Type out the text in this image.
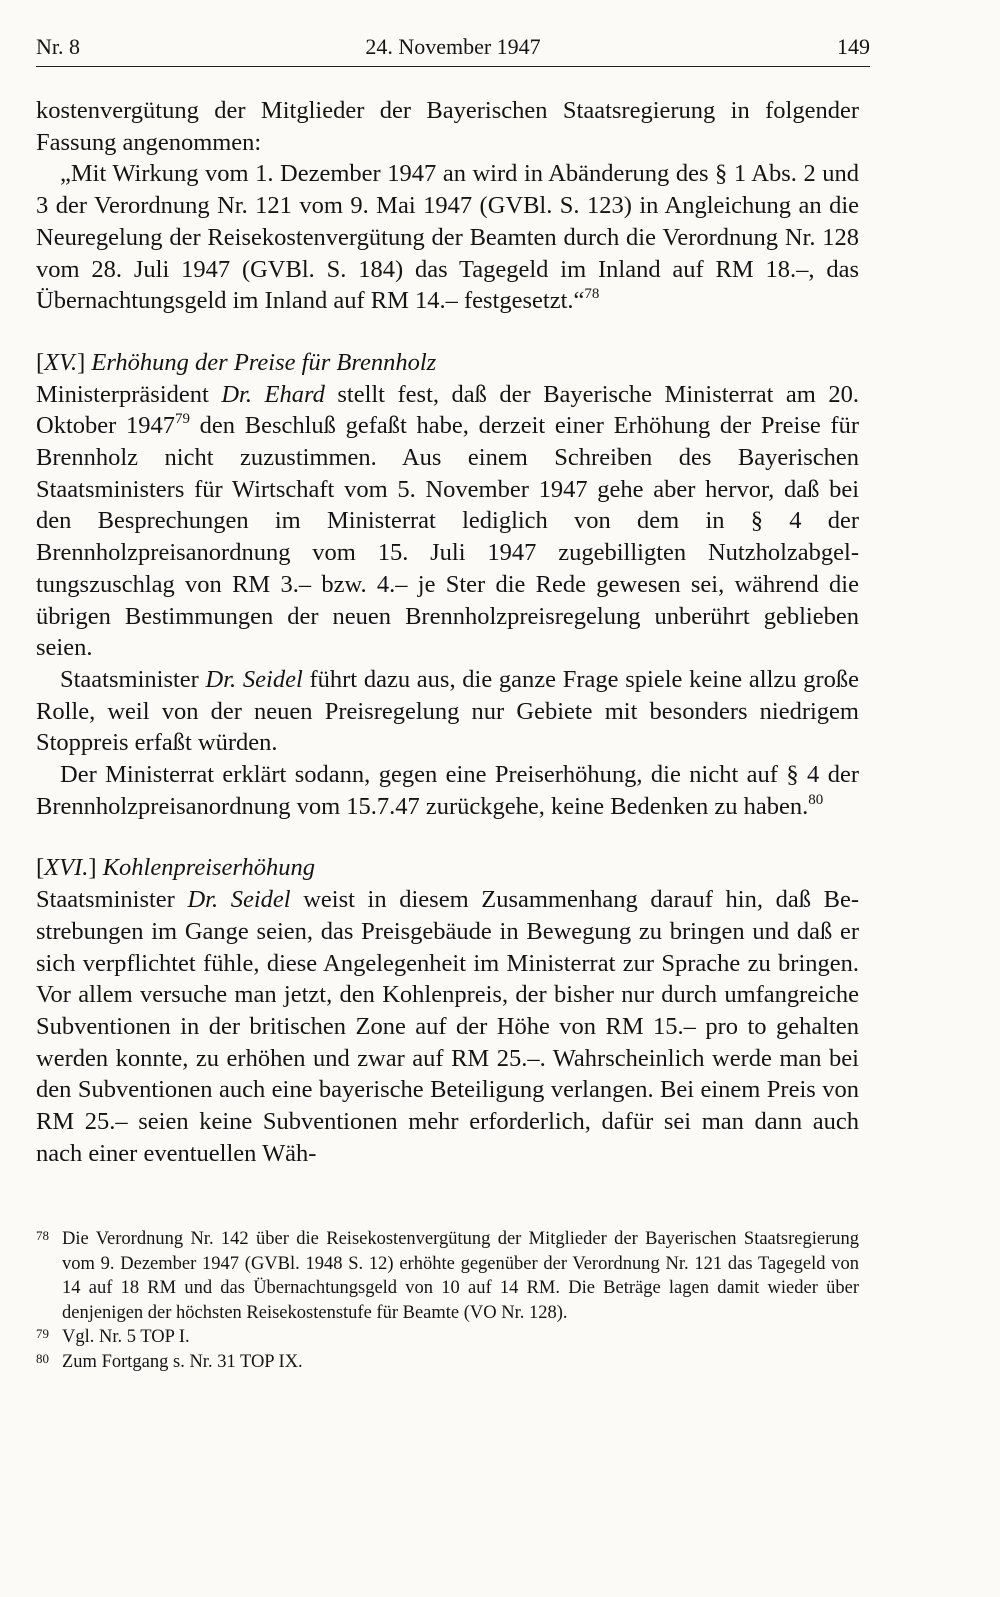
Nr. 8	24. November 1947	149

kostenvergütung der Mitglieder der Bayerischen Staatsregierung in folgender Fassung angenommen:

„Mit Wirkung vom 1. Dezember 1947 an wird in Abänderung des § 1 Abs. 2 und 3 der Verordnung Nr. 121 vom 9. Mai 1947 (GVBl. S. 123) in Angleichung an die Neuregelung der Reisekostenvergütung der Beamten durch die Verordnung Nr. 128 vom 28. Juli 1947 (GVBl. S. 184) das Tagegeld im Inland auf RM 18.–, das Übernachtungsgeld im Inland auf RM 14.– festgesetzt.“$^{78}$

[XV.] Erhöhung der Preise für Brennholz

Ministerpräsident Dr. Ehard stellt fest, daß der Bayerische Ministerrat am 20. Oktober 1947$^{79}$ den Beschluß gefaßt habe, derzeit einer Erhöhung der Preise für Brennholz nicht zuzustimmen. Aus einem Schreiben des Bayerischen Staatsministers für Wirtschaft vom 5. November 1947 gehe aber hervor, daß bei den Besprechungen im Ministerrat lediglich von dem in § 4 der Brennholzpreisanordnung vom 15. Juli 1947 zugebilligten Nutzholzabgeltungszuschlag von RM 3.– bzw. 4.– je Ster die Rede gewesen sei, während die übrigen Bestimmungen der neuen Brennholzpreisregelung unberührt geblieben seien.

Staatsminister Dr. Seidel führt dazu aus, die ganze Frage spiele keine allzu große Rolle, weil von der neuen Preisregelung nur Gebiete mit besonders niedrigem Stoppreis erfaßt würden.

Der Ministerrat erklärt sodann, gegen eine Preiserhöhung, die nicht auf § 4 der Brennholzpreisanordnung vom 15.7.47 zurückgehe, keine Bedenken zu haben.$^{80}$

[XVI.] Kohlenpreiserhöhung

Staatsminister Dr. Seidel weist in diesem Zusammenhang darauf hin, daß Bestrebungen im Gange seien, das Preisgebäude in Bewegung zu bringen und daß er sich verpflichtet fühle, diese Angelegenheit im Ministerrat zur Sprache zu bringen. Vor allem versuche man jetzt, den Kohlenpreis, der bisher nur durch umfangreiche Subventionen in der britischen Zone auf der Höhe von RM 15.– pro to gehalten werden konnte, zu erhöhen und zwar auf RM 25.–. Wahrscheinlich werde man bei den Subventionen auch eine bayerische Beteiligung verlangen. Bei einem Preis von RM 25.– seien keine Subventionen mehr erforderlich, dafür sei man dann auch nach einer eventuellen Wäh-

78 Die Verordnung Nr. 142 über die Reisekostenvergütung der Mitglieder der Bayerischen Staatsregierung vom 9. Dezember 1947 (GVBl. 1948 S. 12) erhöhte gegenüber der Verordnung Nr. 121 das Tagegeld von 14 auf 18 RM und das Übernachtungsgeld von 10 auf 14 RM. Die Beträge lagen damit wieder über denjenigen der höchsten Reisekostenstufe für Beamte (VO Nr. 128).

79 Vgl. Nr. 5 TOP I.

80 Zum Fortgang s. Nr. 31 TOP IX.
